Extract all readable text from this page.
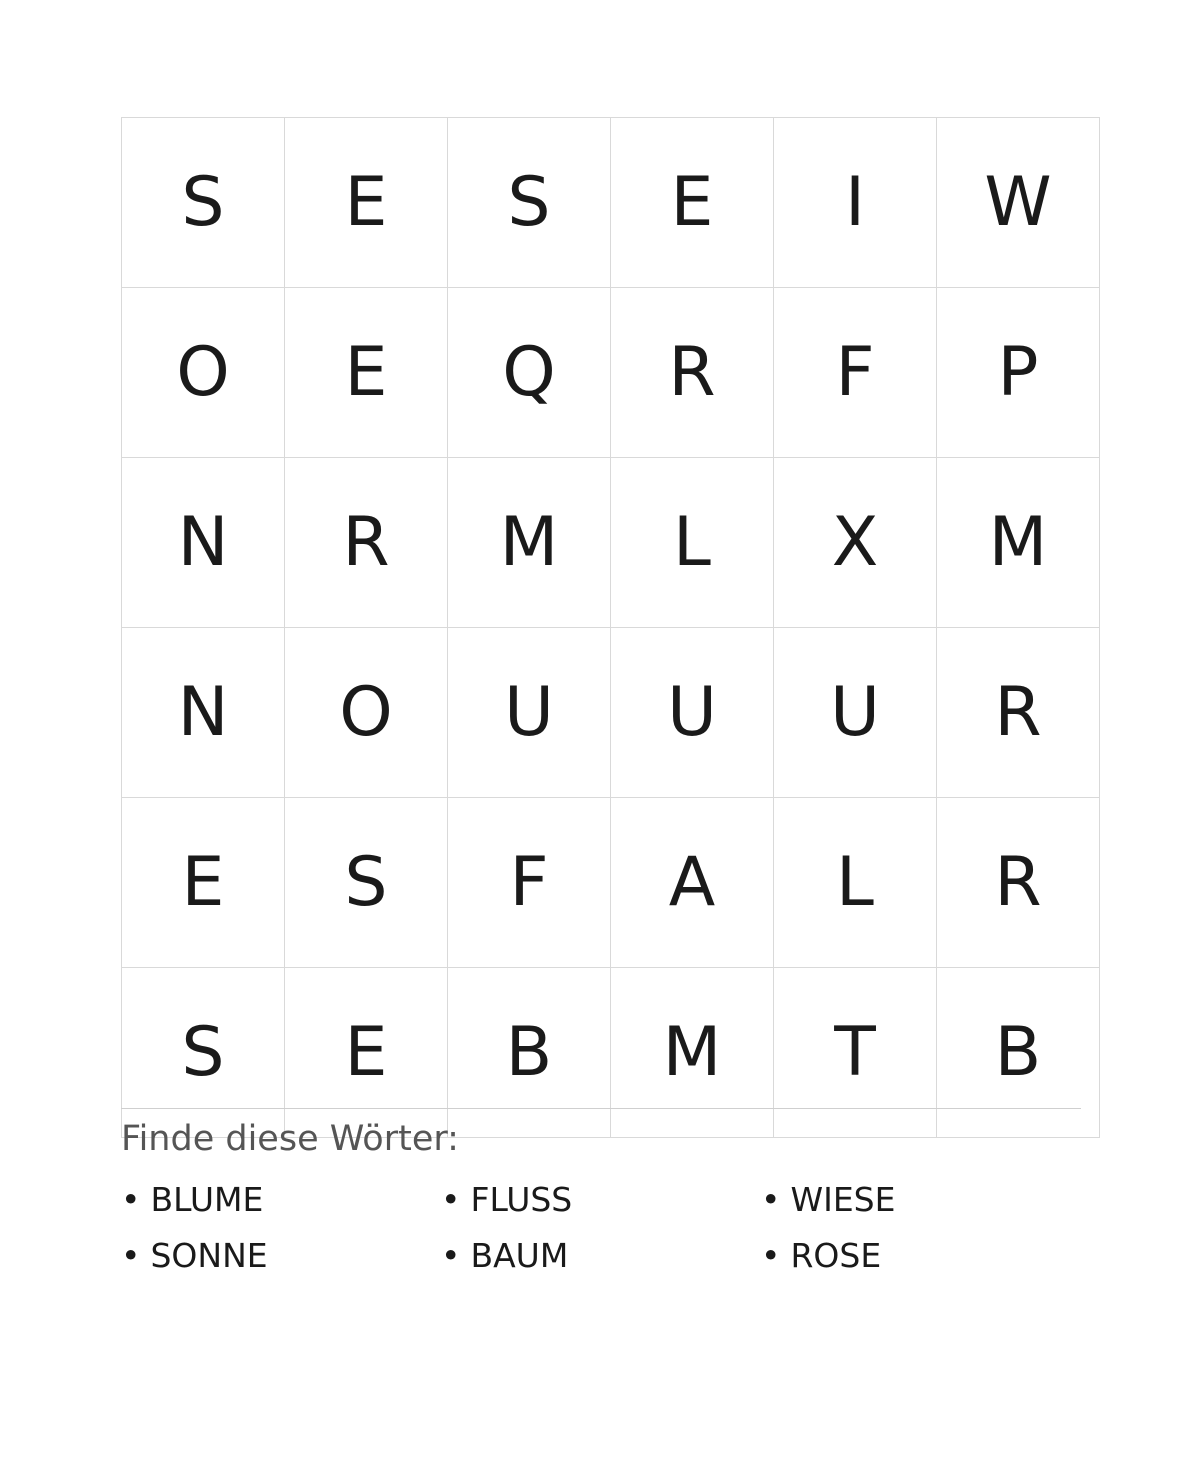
S	E	S	E	I	W
O	E	Q	R	F	P
N	R	M	L	X	M
N	O	U	U	U	R
E	S	F	A	L	R
S	E	B	M	T	B
Finde diese Wörter:
• BLUME	• FLUSS	• WIESE
• SONNE	• BAUM	• ROSE
